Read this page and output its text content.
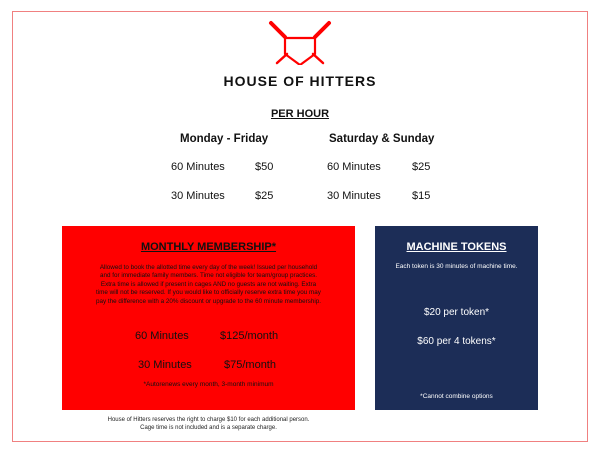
HOUSE OF HITTERS
PER HOUR
Monday - Friday	Saturday & Sunday
60 Minutes	$50
30 Minutes	$25
60 Minutes	$25
30 Minutes	$15
MONTHLY MEMBERSHIP*

Allowed to book the allotted time every day of the week! Issued per household and for immediate family members. Time not eligible for team/group practices. Extra time is allowed if present in cages AND no guests are not waiting. Extra time will not be reserved. If you would like to officially reserve extra time you may pay the difference with a 20% discount or upgrade to the 60 minute membership.

60 Minutes	$125/month
30 Minutes	$75/month
*Autorenews every month, 3-month minimum
MACHINE TOKENS
Each token is 30 minutes of machine time.
$20 per token*
$60 per 4 tokens*
*Cannot combine options
House of Hitters reserves the right to charge $10 for each additional person.
Cage time is not included and is a separate charge.
